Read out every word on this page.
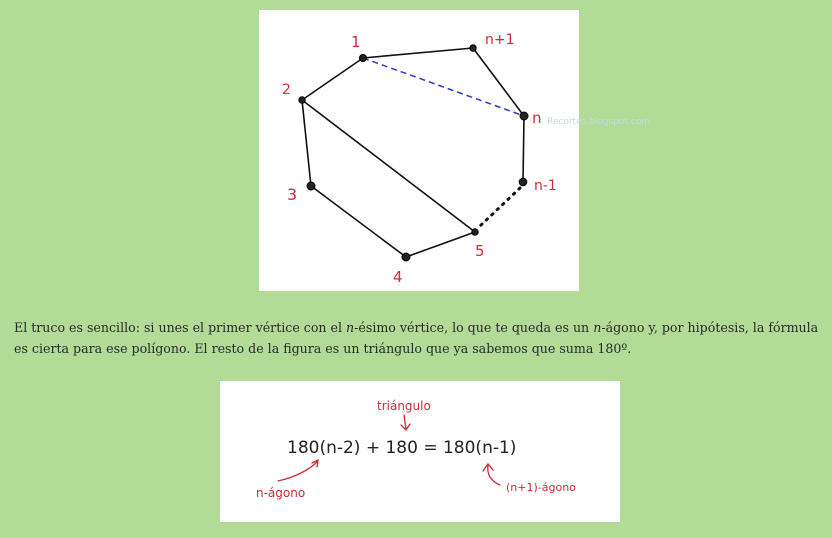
Recortes.blogspot.com
1	n+1
n
n-1
5
4
3
2

El truco es sencillo: si unes el primer vértice con el n-ésimo vértice, lo que te queda es un n-ágono y, por hipótesis, la fórmula es cierta para ese polígono. El resto de la figura es un triángulo que ya sabemos que suma 180º.

triángulo
180(n-2) + 180 = 180(n-1)
n-ágono	(n+1)-ágono
